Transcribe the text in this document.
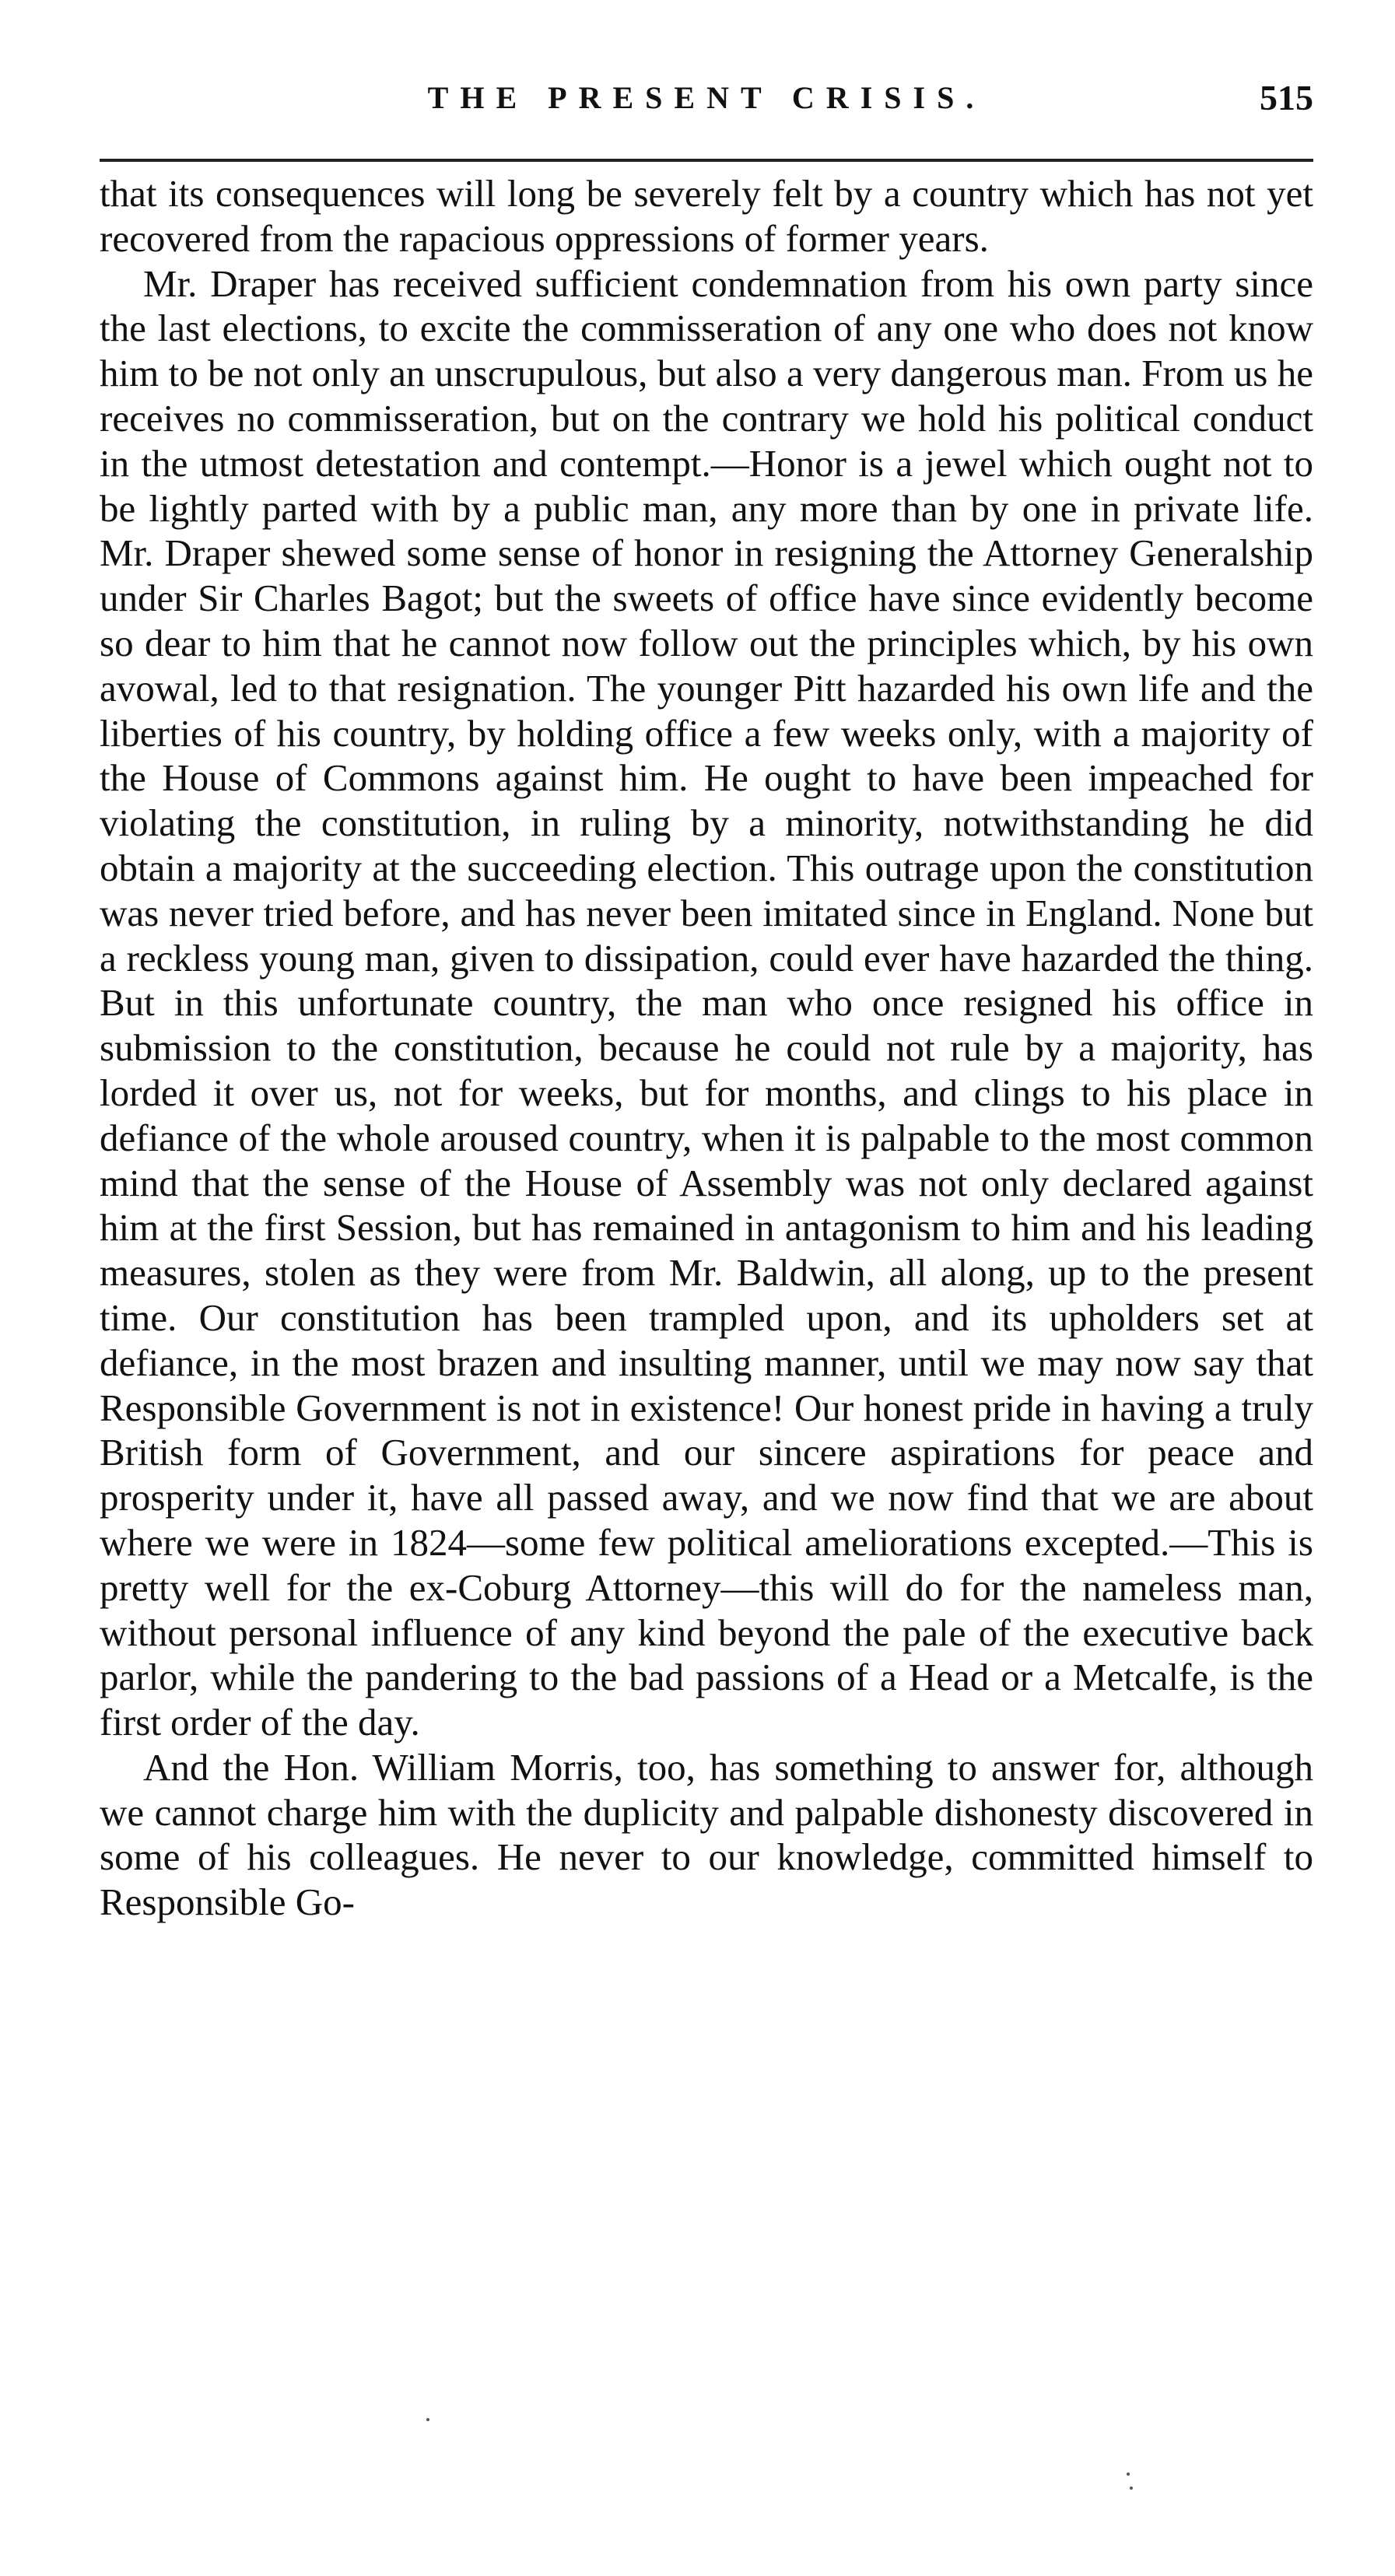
THE PRESENT CRISIS.	515

that its consequences will long be severely felt by a country which has not yet recovered from the rapacious oppressions of former years.

Mr. Draper has received sufficient condemnation from his own party since the last elections, to excite the commisseration of any one who does not know him to be not only an unscrupulous, but also a very dangerous man. From us he receives no commisseration, but on the contrary we hold his political conduct in the utmost detestation and contempt.—Honor is a jewel which ought not to be lightly parted with by a public man, any more than by one in private life. Mr. Draper shewed some sense of honor in resigning the Attorney Generalship under Sir Charles Bagot; but the sweets of office have since evidently become so dear to him that he cannot now follow out the principles which, by his own avowal, led to that resignation. The younger Pitt hazarded his own life and the liberties of his country, by holding office a few weeks only, with a majority of the House of Commons against him. He ought to have been impeached for violating the constitution, in ruling by a minority, notwithstanding he did obtain a majority at the succeeding election. This outrage upon the constitution was never tried before, and has never been imitated since in England. None but a reckless young man, given to dissipation, could ever have hazarded the thing. But in this unfortunate country, the man who once resigned his office in submission to the constitution, because he could not rule by a majority, has lorded it over us, not for weeks, but for months, and clings to his place in defiance of the whole aroused country, when it is palpable to the most common mind that the sense of the House of Assembly was not only declared against him at the first Session, but has remained in antagonism to him and his leading measures, stolen as they were from Mr. Baldwin, all along, up to the present time. Our constitution has been trampled upon, and its upholders set at defiance, in the most brazen and insulting manner, until we may now say that Responsible Government is not in existence! Our honest pride in having a truly British form of Government, and our sincere aspirations for peace and prosperity under it, have all passed away, and we now find that we are about where we were in 1824—some few political ameliorations excepted.—This is pretty well for the ex-Coburg Attorney—this will do for the nameless man, without personal influence of any kind beyond the pale of the executive back parlor, while the pandering to the bad passions of a Head or a Metcalfe, is the first order of the day.

And the Hon. William Morris, too, has something to answer for, although we cannot charge him with the duplicity and palpable dishonesty discovered in some of his colleagues. He never to our knowledge, committed himself to Responsible Go-
